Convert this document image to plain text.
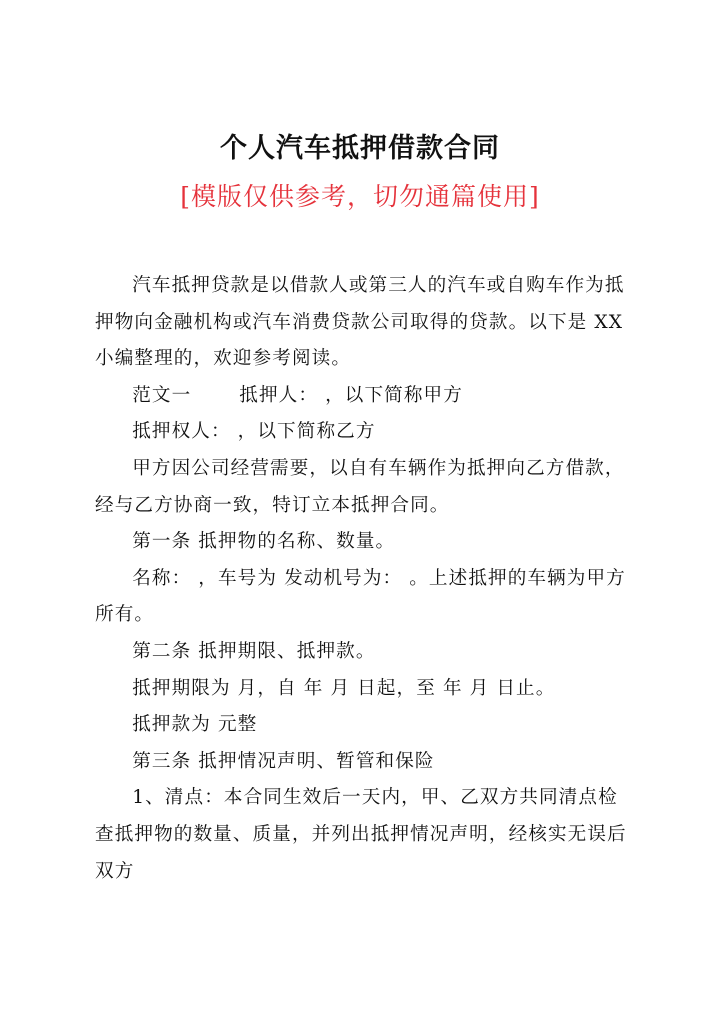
个人汽车抵押借款合同
[模版仅供参考，切勿通篇使用]

汽车抵押贷款是以借款人或第三人的汽车或自购车作为抵押物向金融机构或汽车消费贷款公司取得的贷款。以下是 XX 小编整理的，欢迎参考阅读。

范文一	抵押人： ，以下简称甲方

抵押权人： ，以下简称乙方

甲方因公司经营需要，以自有车辆作为抵押向乙方借款，经与乙方协商一致，特订立本抵押合同。

第一条 抵押物的名称、数量。

名称： ，车号为 发动机号为： 。上述抵押的车辆为甲方所有。

第二条 抵押期限、抵押款。

抵押期限为 月，自 年 月 日起，至 年 月 日止。

抵押款为 元整

第三条 抵押情况声明、暂管和保险

1、清点：本合同生效后一天内，甲、乙双方共同清点检查抵押物的数量、质量，并列出抵押情况声明，经核实无误后双方
